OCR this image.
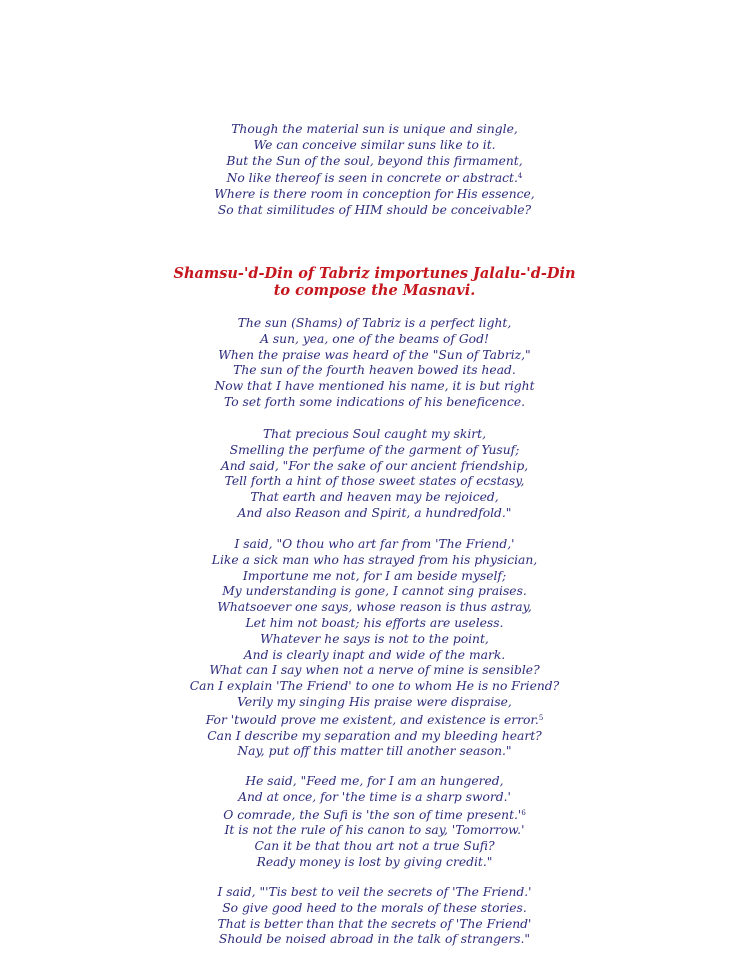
Though the material sun is unique and single,
We can conceive similar suns like to it.
But the Sun of the soul, beyond this firmament,
No like thereof is seen in concrete or abstract.$^4$
Where is there room in conception for His essence,
So that similitudes of HIM should be conceivable?
Shamsu-'d-Din of Tabriz importunes Jalalu-'d-Din
to compose the Masnavi.
The sun (Shams) of Tabriz is a perfect light,
A sun, yea, one of the beams of God!
When the praise was heard of the "Sun of Tabriz,"
The sun of the fourth heaven bowed its head.
Now that I have mentioned his name, it is but right
To set forth some indications of his beneficence.
That precious Soul caught my skirt,
Smelling the perfume of the garment of Yusuf;
And said, "For the sake of our ancient friendship,
Tell forth a hint of those sweet states of ecstasy,
That earth and heaven may be rejoiced,
And also Reason and Spirit, a hundredfold."
I said, "O thou who art far from 'The Friend,'
Like a sick man who has strayed from his physician,
Importune me not, for I am beside myself;
My understanding is gone, I cannot sing praises.
Whatsoever one says, whose reason is thus astray,
Let him not boast; his efforts are useless.
Whatever he says is not to the point,
And is clearly inapt and wide of the mark.
What can I say when not a nerve of mine is sensible?
Can I explain 'The Friend' to one to whom He is no Friend?
Verily my singing His praise were dispraise,
For 'twould prove me existent, and existence is error.$^5$
Can I describe my separation and my bleeding heart?
Nay, put off this matter till another season."
He said, "Feed me, for I am an hungered,
And at once, for 'the time is a sharp sword.'
O comrade, the Sufi is 'the son of time present.'$^6$
It is not the rule of his canon to say, 'Tomorrow.'
Can it be that thou art not a true Sufi?
Ready money is lost by giving credit."
I said, "'Tis best to veil the secrets of 'The Friend.'
So give good heed to the morals of these stories.
That is better than that the secrets of 'The Friend'
Should be noised abroad in the talk of strangers."
